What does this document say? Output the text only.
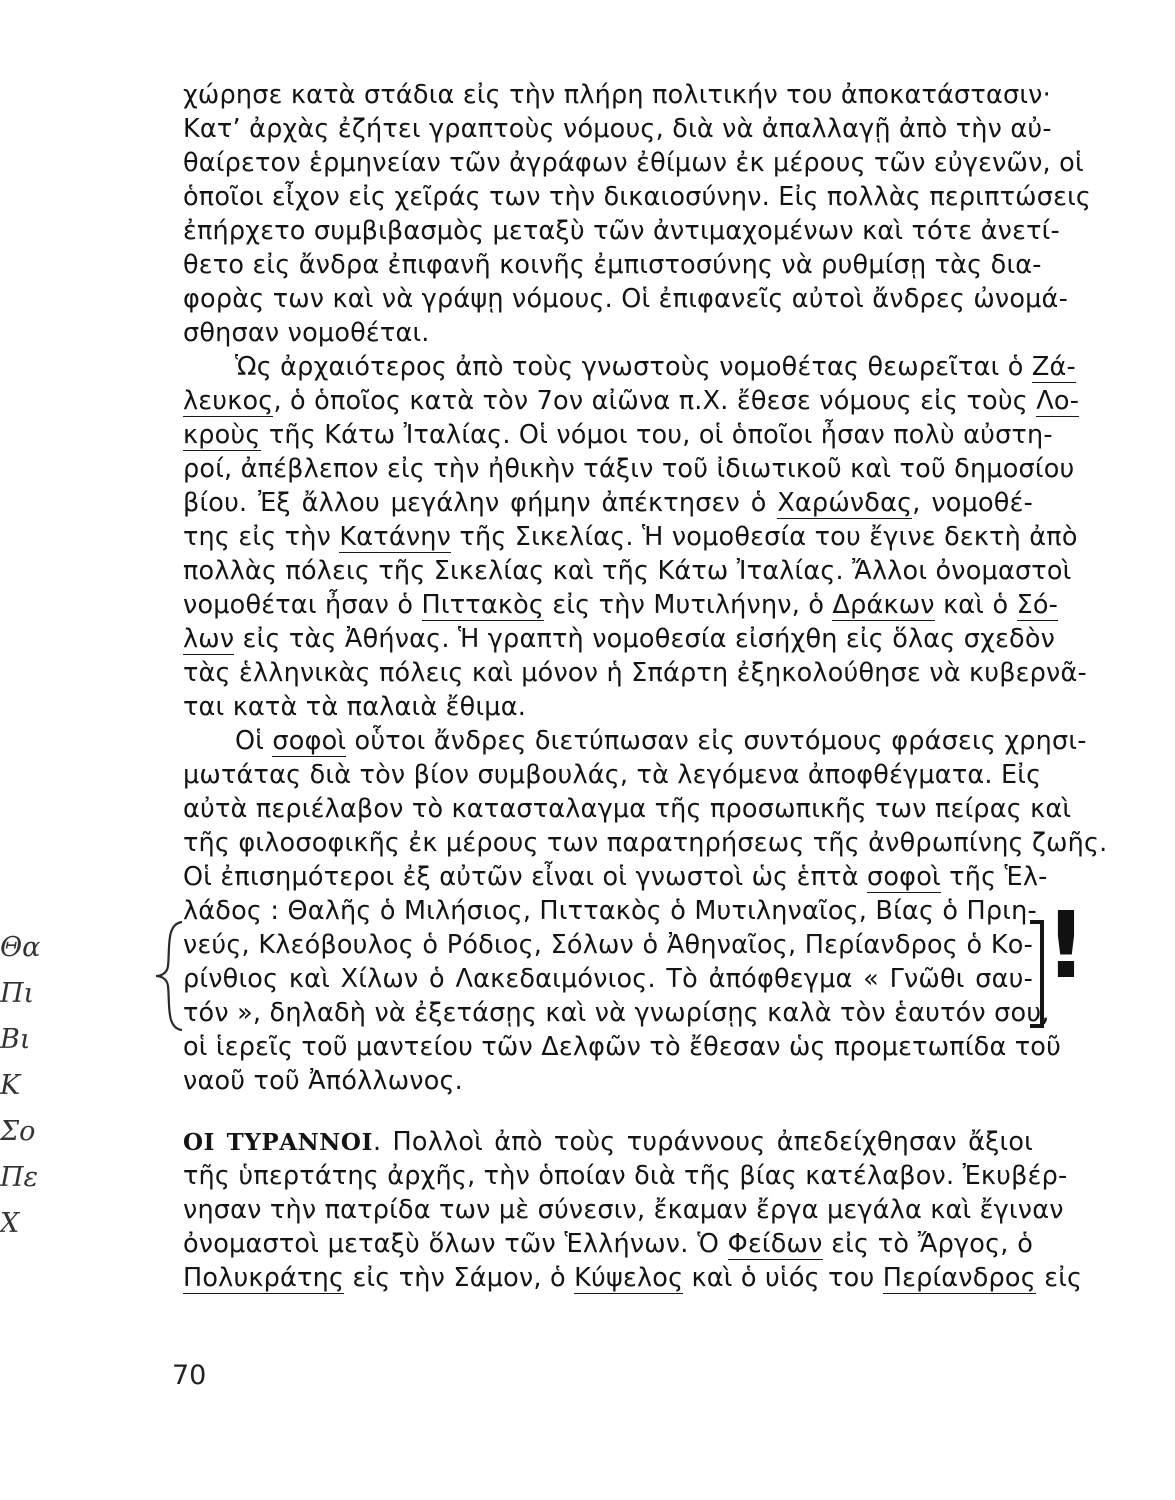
χώρησε κατὰ στάδια εἰς τὴν πλήρη πολιτικήν του ἀποκατάστασιν·
Κατ’ ἀρχὰς ἐζήτει γραπτοὺς νόμους, διὰ νὰ ἀπαλλαγῇ ἀπὸ τὴν αὐ-
θαίρετον ἑρμηνείαν τῶν ἀγράφων ἐθίμων ἐκ μέρους τῶν εὐγενῶν, οἱ
ὁποῖοι εἶχον εἰς χεῖράς των τὴν δικαιοσύνην. Εἰς πολλὰς περιπτώσεις
ἐπήρχετο συμβιβασμὸς μεταξὺ τῶν ἀντιμαχομένων καὶ τότε ἀνετί-
θετο εἰς ἄνδρα ἐπιφανῆ κοινῆς ἐμπιστοσύνης νὰ ρυθμίσῃ τὰς δια-
φορὰς των καὶ νὰ γράψῃ νόμους. Οἱ ἐπιφανεῖς αὐτοὶ ἄνδρες ὠνομά-
σθησαν νομοθέται.
Ὡς ἀρχαιότερος ἀπὸ τοὺς γνωστοὺς νομοθέτας θεωρεῖται ὁ Ζά-
λευκος, ὁ ὁποῖος κατὰ τὸν 7ον αἰῶνα π.Χ. ἔθεσε νόμους εἰς τοὺς Λο-
κροὺς τῆς Κάτω Ἰταλίας. Οἱ νόμοι του, οἱ ὁποῖοι ἦσαν πολὺ αὐστη-
ροί, ἀπέβλεπον εἰς τὴν ἠθικὴν τάξιν τοῦ ἰδιωτικοῦ καὶ τοῦ δημοσίου
βίου. Ἐξ ἄλλου μεγάλην φήμην ἀπέκτησεν ὁ Χαρώνδας, νομοθέ-
της εἰς τὴν Κατάνην τῆς Σικελίας. Ἡ νομοθεσία του ἔγινε δεκτὴ ἀπὸ
πολλὰς πόλεις τῆς Σικελίας καὶ τῆς Κάτω Ἰταλίας. Ἄλλοι ὀνομαστοὶ
νομοθέται ἦσαν ὁ Πιττακὸς εἰς τὴν Μυτιλήνην, ὁ Δράκων καὶ ὁ Σό-
λων εἰς τὰς Ἀθήνας. Ἡ γραπτὴ νομοθεσία εἰσήχθη εἰς ὅλας σχεδὸν
τὰς ἑλληνικὰς πόλεις καὶ μόνον ἡ Σπάρτη ἐξηκολούθησε νὰ κυβερνᾶ-
ται κατὰ τὰ παλαιὰ ἔθιμα.
Οἱ σοφοὶ οὗτοι ἄνδρες διετύπωσαν εἰς συντόμους φράσεις χρησι-
μωτάτας διὰ τὸν βίον συμβουλάς, τὰ λεγόμενα ἀποφθέγματα. Εἰς
αὐτὰ περιέλαβον τὸ κατασταλαγμα τῆς προσωπικῆς των πείρας καὶ
τῆς φιλοσοφικῆς ἐκ μέρους των παρατηρήσεως τῆς ἀνθρωπίνης ζωῆς.
Οἱ ἐπισημότεροι ἐξ αὐτῶν εἶναι οἱ γνωστοὶ ὡς ἑπτὰ σοφοὶ τῆς Ἑλ-
λάδος : Θαλῆς ὁ Μιλήσιος, Πιττακὸς ὁ Μυτιληναῖος, Βίας ὁ Πριη-
νεύς, Κλεόβουλος ὁ Ρόδιος, Σόλων ὁ Ἀθηναῖος, Περίανδρος ὁ Κο-
ρίνθιος καὶ Χίλων ὁ Λακεδαιμόνιος. Τὸ ἀπόφθεγμα « Γνῶθι σαυ-
τόν », δηλαδὴ νὰ ἐξετάσῃς καὶ νὰ γνωρίσῃς καλὰ τὸν ἑαυτόν σου,
οἱ ἱερεῖς τοῦ μαντείου τῶν Δελφῶν τὸ ἔθεσαν ὡς προμετωπίδα τοῦ
ναοῦ τοῦ Ἀπόλλωνος.
ΟΙ ΤΥΡΑΝΝΟΙ. Πολλοὶ ἀπὸ τοὺς τυράννους ἀπεδείχθησαν ἄξιοι
τῆς ὑπερτάτης ἀρχῆς, τὴν ὁποίαν διὰ τῆς βίας κατέλαβον. Ἐκυβέρ-
νησαν τὴν πατρίδα των μὲ σύνεσιν, ἔκαμαν ἔργα μεγάλα καὶ ἔγιναν
ὀνομαστοὶ μεταξὺ ὅλων τῶν Ἑλλήνων. Ὁ Φείδων εἰς τὸ Ἄργος, ὁ
Πολυκράτης εἰς τὴν Σάμον, ὁ Κύψελος καὶ ὁ υἱός του Περίανδρος εἰς
Θα
Πι
Βι
Κ
Σο
Πε
Χ
!
70
